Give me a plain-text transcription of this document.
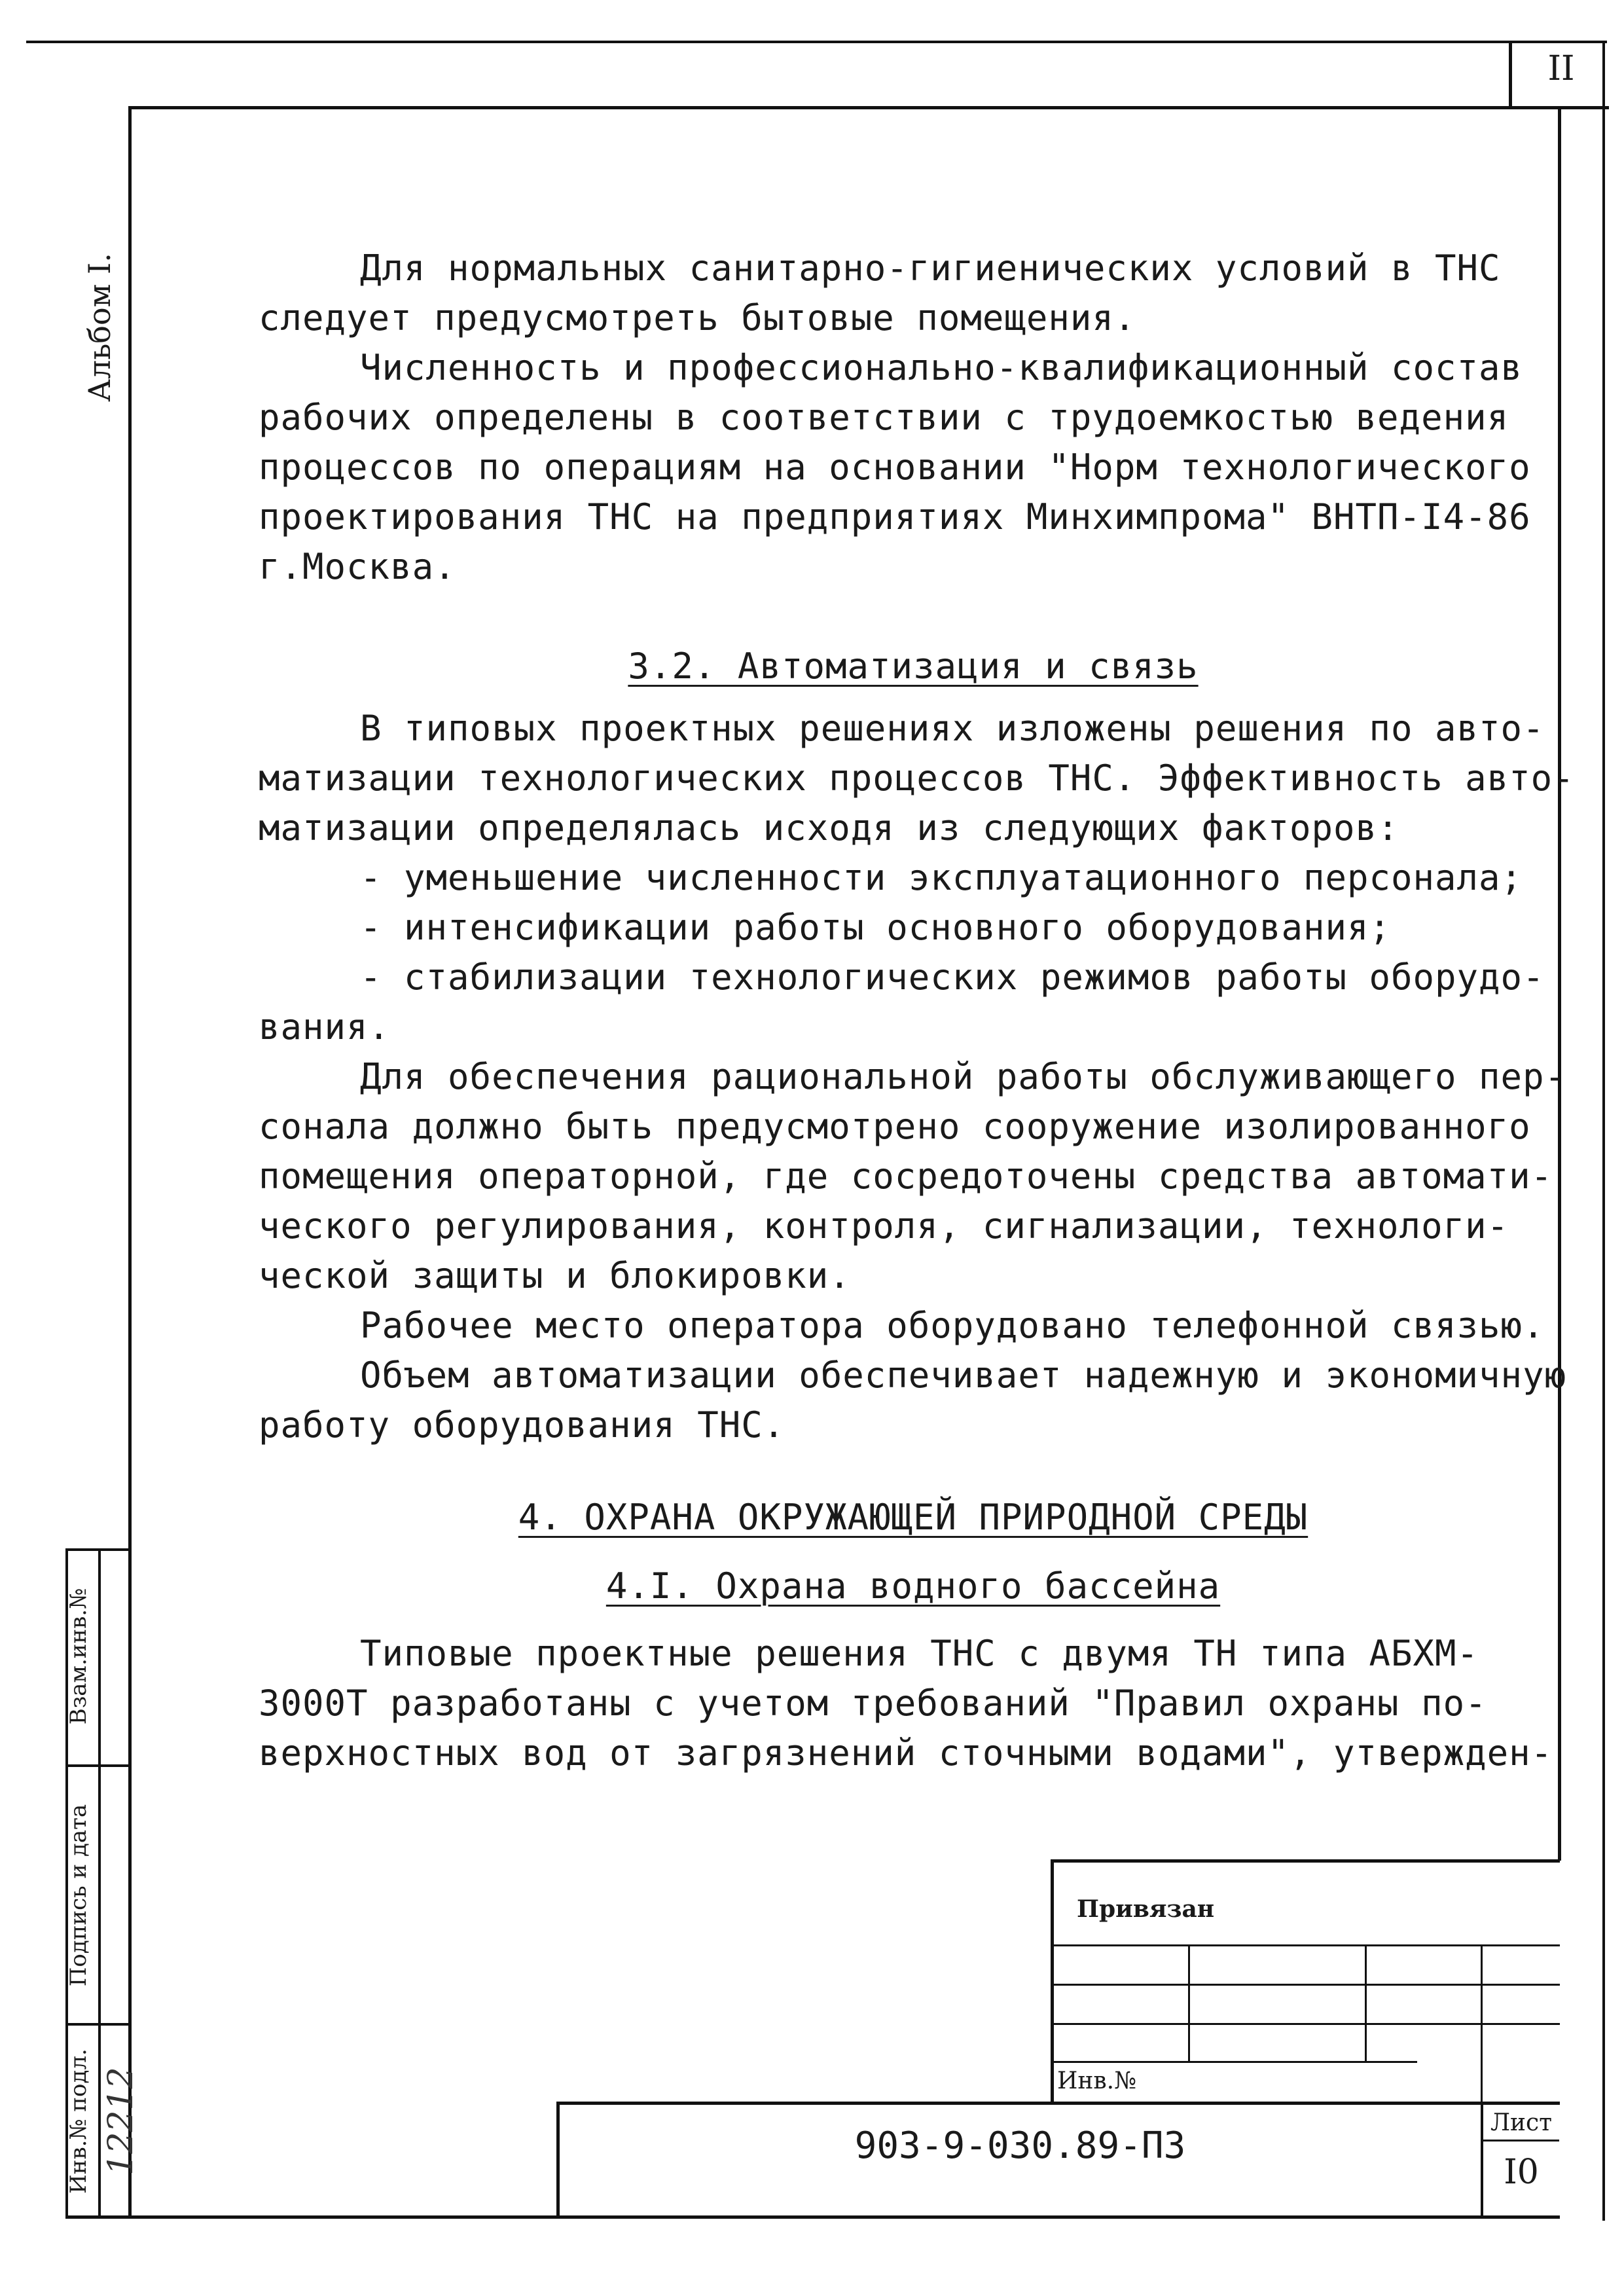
II
Альбом I.	Для нормальных санитарно-гигиенических условий в ТНС
следует предусмотреть бытовые помещения.
Численность и профессионально-квалификационный состав
рабочих определены в соответствии с трудоемкостью ведения
процессов по операциям на основании "Норм технологического
проектирования ТНС на предприятиях Минхимпрома" ВНТП-I4-86
г.Москва.
3.2. Автоматизация и связь
В типовых проектных решениях изложены решения по авто-
матизации технологических процессов ТНС. Эффективность авто-
матизации определялась исходя из следующих факторов:
- уменьшение численности эксплуатационного персонала;
- интенсификации работы основного оборудования;
- стабилизации технологических режимов работы оборудо-
вания.
Для обеспечения рациональной работы обслуживающего пер-
сонала должно быть предусмотрено сооружение изолированного
помещения операторной, где сосредоточены средства автомати-
ческого регулирования, контроля, сигнализации, технологи-
ческой защиты и блокировки.
Рабочее место оператора оборудовано телефонной связью.
Объем автоматизации обеспечивает надежную и экономичную
работу оборудования ТНС.
4. ОХРАНА ОКРУЖАЮЩЕЙ ПРИРОДНОЙ СРЕДЫ
4.I. Охрана водного бассейна
Типовые проектные решения ТНС с двумя ТН типа АБХМ-
3000Т разработаны с учетом требований "Правил охраны по-
верхностных вод от загрязнений сточными водами", утвержден-
Взам.инв.№
Подпись и дата
Инв.№ подл. 12212
Привязан
Инв.№
903-9-030.89-ПЗ
Лист
I0
